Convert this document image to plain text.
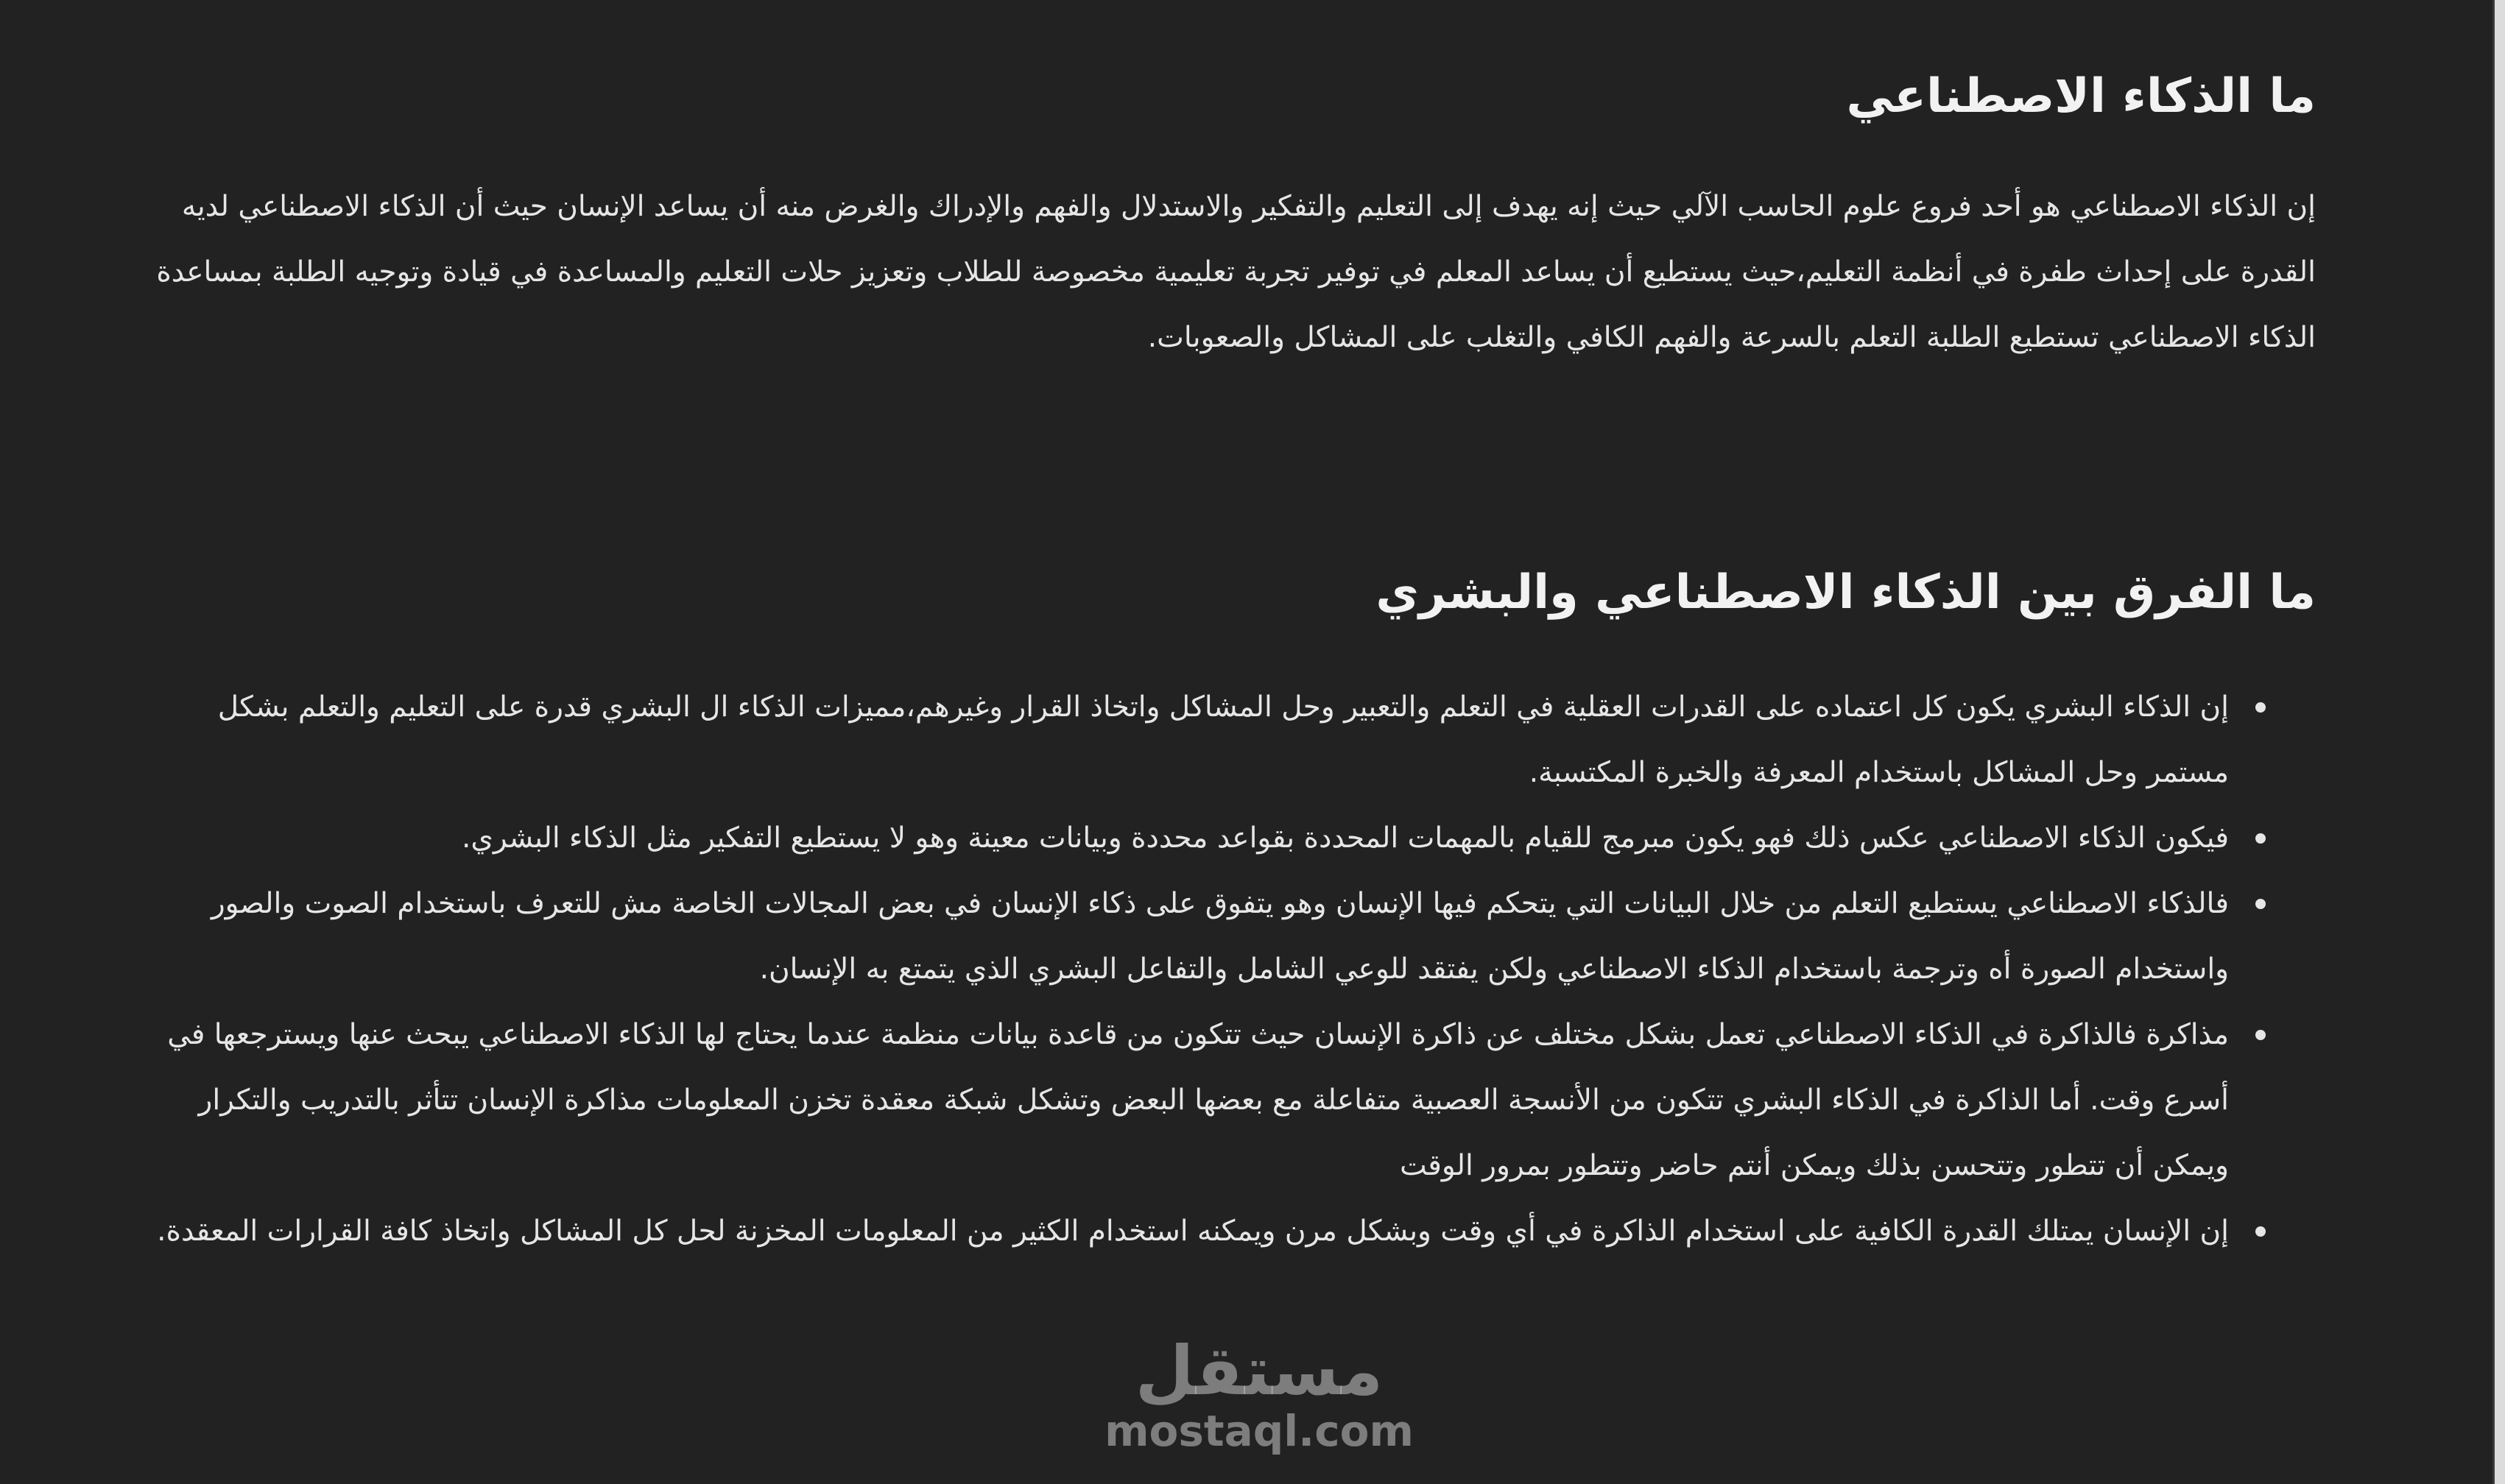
ما الذكاء الاصطناعي

إن الذكاء الاصطناعي هو أحد فروع علوم الحاسب الآلي حيث إنه يهدف إلى التعليم والتفكير والاستدلال والفهم والإدراك والغرض منه أن يساعد الإنسان حيث أن الذكاء الاصطناعي لديه القدرة على إحداث طفرة في أنظمة التعليم،حيث يستطيع أن يساعد المعلم في توفير تجربة تعليمية مخصوصة للطلاب وتعزيز حلات التعليم والمساعدة في قيادة وتوجيه الطلبة بمساعدة الذكاء الاصطناعي تستطيع الطلبة التعلم بالسرعة والفهم الكافي والتغلب على المشاكل والصعوبات.

ما الفرق بين الذكاء الاصطناعي والبشري
إن الذكاء البشري يكون كل اعتماده على القدرات العقلية في التعلم والتعبير وحل المشاكل واتخاذ القرار وغيرهم،مميزات الذكاء ال البشري قدرة على التعليم والتعلم بشكل مستمر وحل المشاكل باستخدام المعرفة والخبرة المكتسبة.
فيكون الذكاء الاصطناعي عكس ذلك فهو يكون مبرمج للقيام بالمهمات المحددة بقواعد محددة وبيانات معينة وهو لا يستطيع التفكير مثل الذكاء البشري.
فالذكاء الاصطناعي يستطيع التعلم من خلال البيانات التي يتحكم فيها الإنسان وهو يتفوق على ذكاء الإنسان في بعض المجالات الخاصة مش للتعرف باستخدام الصوت والصور واستخدام الصورة أه وترجمة باستخدام الذكاء الاصطناعي ولكن يفتقد للوعي الشامل والتفاعل البشري الذي يتمتع به الإنسان.
مذاكرة فالذاكرة في الذكاء الاصطناعي تعمل بشكل مختلف عن ذاكرة الإنسان حيث تتكون من قاعدة بيانات منظمة عندما يحتاج لها الذكاء الاصطناعي يبحث عنها ويسترجعها في أسرع وقت. أما الذاكرة في الذكاء البشري تتكون من الأنسجة العصبية متفاعلة مع بعضها البعض وتشكل شبكة معقدة تخزن المعلومات مذاكرة الإنسان تتأثر بالتدريب والتكرار ويمكن أن تتطور وتتحسن بذلك ويمكن أنتم حاضر وتتطور بمرور الوقت
إن الإنسان يمتلك القدرة الكافية على استخدام الذاكرة في أي وقت وبشكل مرن ويمكنه استخدام الكثير من المعلومات المخزنة لحل كل المشاكل واتخاذ كافة القرارات المعقدة.
مستقل
mostaql.com
